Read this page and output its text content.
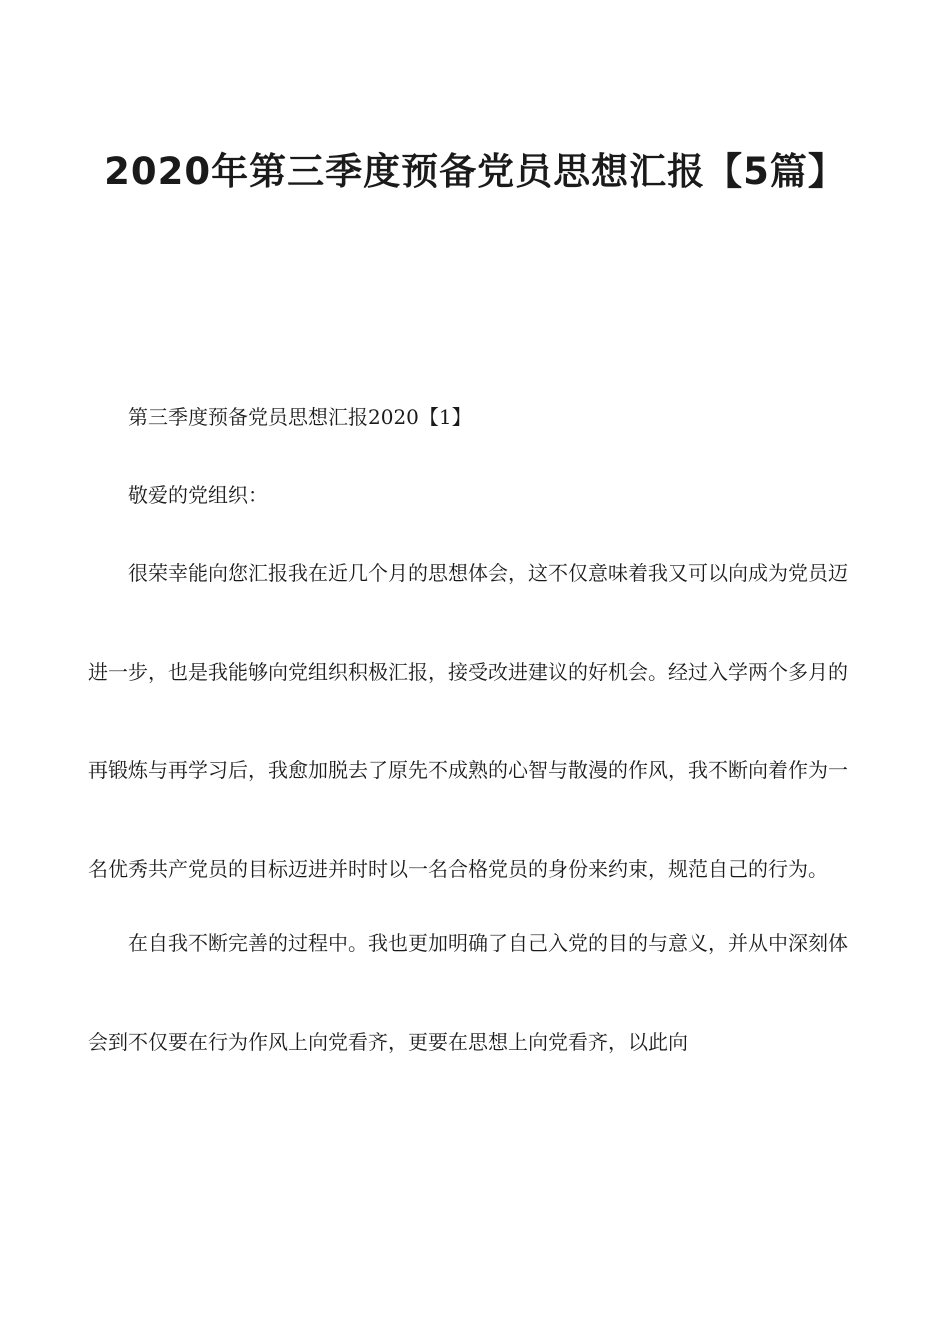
2020年第三季度预备党员思想汇报【5篇】

第三季度预备党员思想汇报2020【1】

敬爱的党组织：

很荣幸能向您汇报我在近几个月的思想体会，这不仅意味着我又可以向成为党员迈进一步，也是我能够向党组织积极汇报，接受改进建议的好机会。经过入学两个多月的再锻炼与再学习后，我愈加脱去了原先不成熟的心智与散漫的作风，我不断向着作为一名优秀共产党员的目标迈进并时时以一名合格党员的身份来约束，规范自己的行为。

在自我不断完善的过程中。我也更加明确了自己入党的目的与意义，并从中深刻体会到不仅要在行为作风上向党看齐，更要在思想上向党看齐，以此向
